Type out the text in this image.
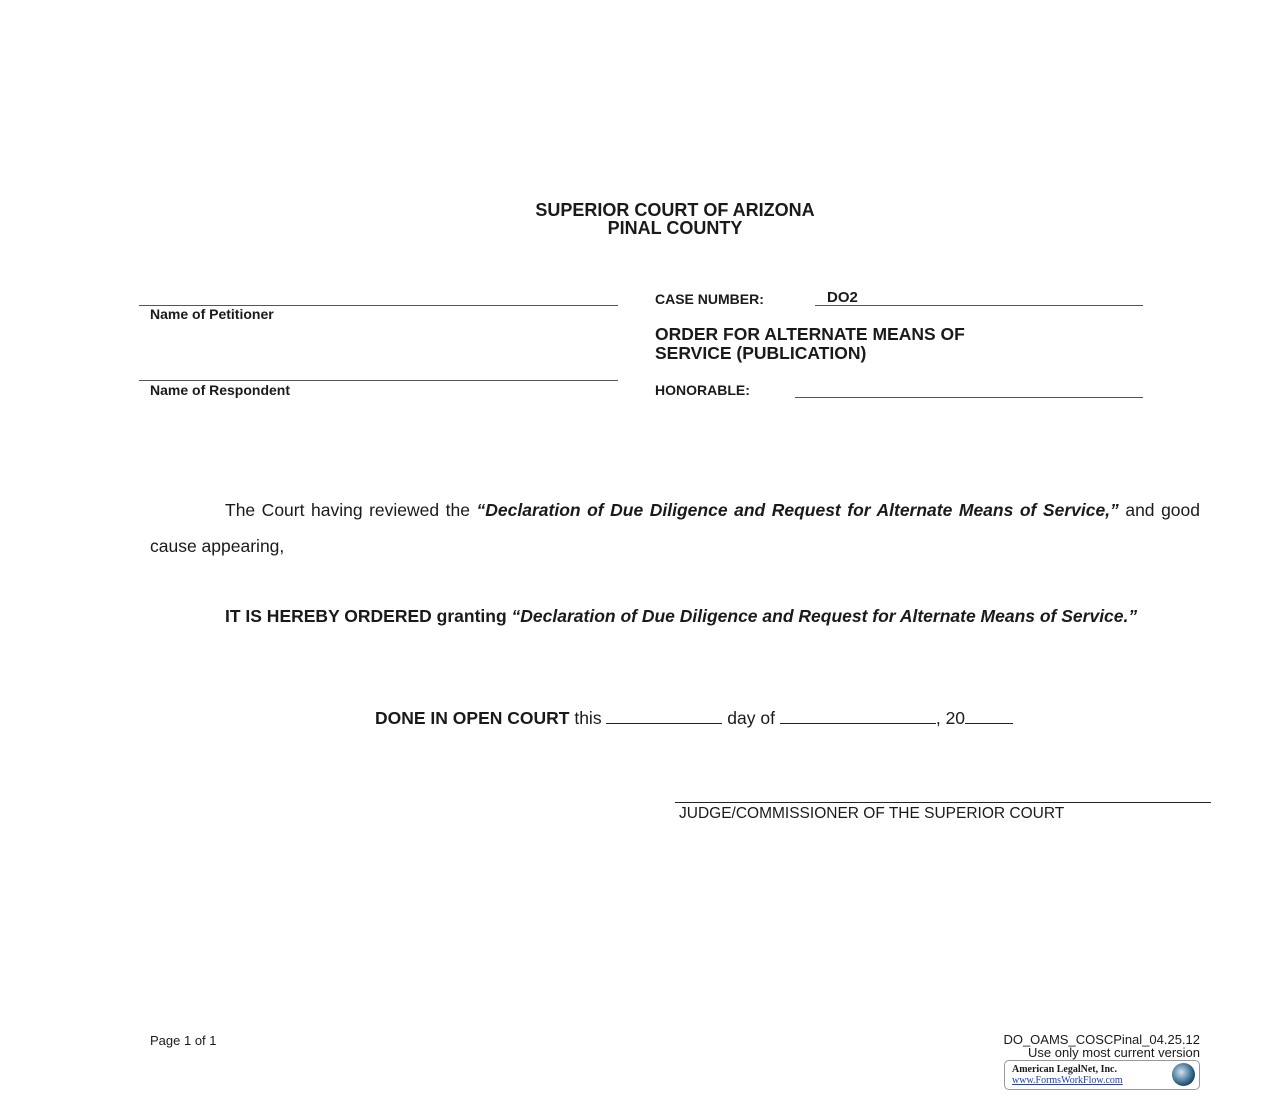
SUPERIOR COURT OF ARIZONA
PINAL COUNTY
Name of Petitioner
Name of Respondent
CASE NUMBER:	DO2
ORDER FOR ALTERNATE MEANS OF
SERVICE (PUBLICATION)
HONORABLE:
The Court having reviewed the “Declaration of Due Diligence and Request for Alternate Means of Service,” and good cause appearing,
IT IS HEREBY ORDERED granting “Declaration of Due Diligence and Request for Alternate Means of Service.”
DONE IN OPEN COURT this	day of	, 20
JUDGE/COMMISSIONER OF THE SUPERIOR COURT
Page 1 of 1	DO_OAMS_COSCPinal_04.25.12
Use only most current version
American LegalNet, Inc.
www.FormsWorkFlow.com
